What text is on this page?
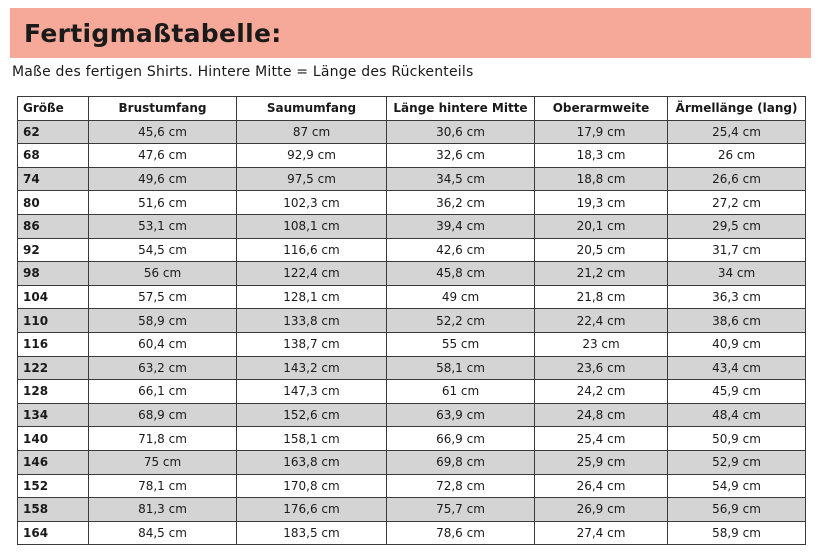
Fertigmaßtabelle:
Maße des fertigen Shirts. Hintere Mitte = Länge des Rückenteils
Größe	Brustumfang	Saumumfang	Länge hintere Mitte	Oberarmweite	Ärmellänge (lang)
62	45,6 cm	87 cm	30,6 cm	17,9 cm	25,4 cm
68	47,6 cm	92,9 cm	32,6 cm	18,3 cm	26 cm
74	49,6 cm	97,5 cm	34,5 cm	18,8 cm	26,6 cm
80	51,6 cm	102,3 cm	36,2 cm	19,3 cm	27,2 cm
86	53,1 cm	108,1 cm	39,4 cm	20,1 cm	29,5 cm
92	54,5 cm	116,6 cm	42,6 cm	20,5 cm	31,7 cm
98	56 cm	122,4 cm	45,8 cm	21,2 cm	34 cm
104	57,5 cm	128,1 cm	49 cm	21,8 cm	36,3 cm
110	58,9 cm	133,8 cm	52,2 cm	22,4 cm	38,6 cm
116	60,4 cm	138,7 cm	55 cm	23 cm	40,9 cm
122	63,2 cm	143,2 cm	58,1 cm	23,6 cm	43,4 cm
128	66,1 cm	147,3 cm	61 cm	24,2 cm	45,9 cm
134	68,9 cm	152,6 cm	63,9 cm	24,8 cm	48,4 cm
140	71,8 cm	158,1 cm	66,9 cm	25,4 cm	50,9 cm
146	75 cm	163,8 cm	69,8 cm	25,9 cm	52,9 cm
152	78,1 cm	170,8 cm	72,8 cm	26,4 cm	54,9 cm
158	81,3 cm	176,6 cm	75,7 cm	26,9 cm	56,9 cm
164	84,5 cm	183,5 cm	78,6 cm	27,4 cm	58,9 cm
